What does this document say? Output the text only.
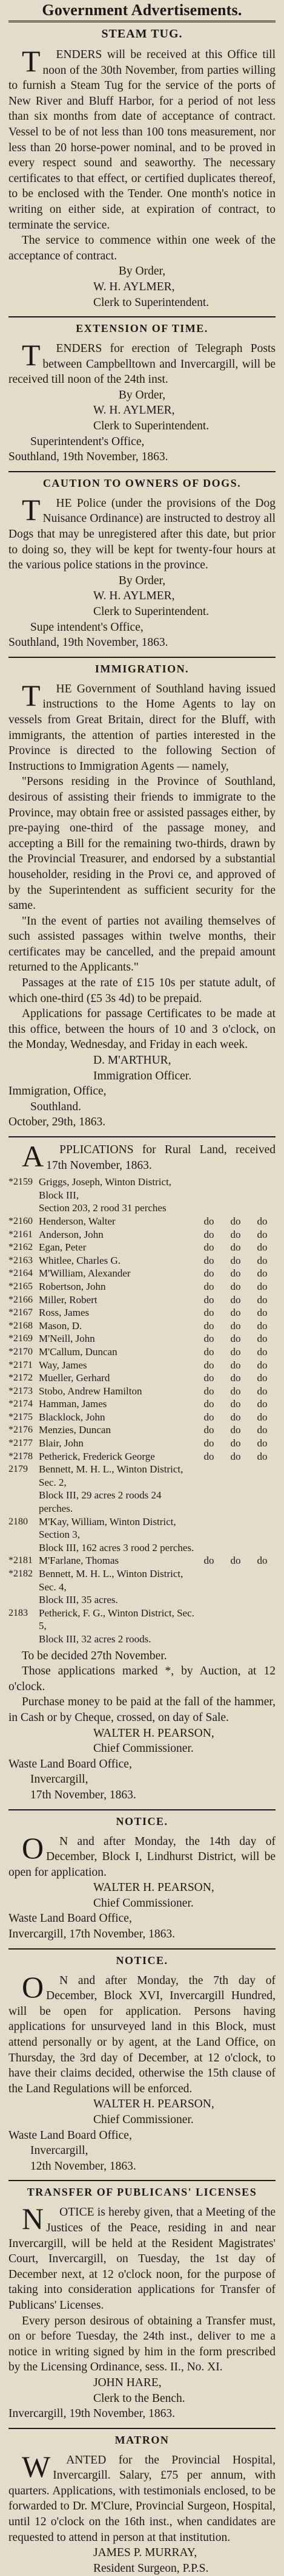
Government Advertisements.
STEAM TUG.

TENDERS will be received at this Office till noon of the 30th November, from parties willing to furnish a Steam Tug for the service of the ports of New River and Bluff Harbor, for a period of not less than six months from date of acceptance of contract. Vessel to be of not less than 100 tons measurement, nor less than 20 horse-power nominal, and to be proved in every respect sound and seaworthy. The necessary certificates to that effect, or certified duplicates thereof, to be enclosed with the Tender. One month's notice in writing on either side, at expiration of contract, to terminate the service.

The service to commence within one week of the acceptance of contract.

By Order,
W. H. AYLMER,
Clerk to Superintendent.
EXTENSION OF TIME.

TENDERS for erection of Telegraph Posts between Campbelltown and Invercargill, will be received till noon of the 24th inst.

By Order,
W. H. AYLMER,
Clerk to Superintendent.
Superintendent's Office,
Southland, 19th November, 1863.
CAUTION TO OWNERS OF DOGS.

THE Police (under the provisions of the Dog Nuisance Ordinance) are instructed to destroy all Dogs that may be unregistered after this date, but prior to doing so, they will be kept for twenty-four hours at the various police stations in the province.

By Order,
W. H. AYLMER,
Clerk to Superintendent.
Supe intendent's Office,
Southland, 19th November, 1863.
IMMIGRATION.

THE Government of Southland having issued instructions to the Home Agents to lay on vessels from Great Britain, direct for the Bluff, with immigrants, the attention of parties interested in the Province is directed to the following Section of Instructions to Immigration Agents — namely,

"Persons residing in the Province of Southland, desirous of assisting their friends to immigrate to the Province, may obtain free or assisted passages either, by pre-paying one-third of the passage money, and accepting a Bill for the remaining two-thirds, drawn by the Provincial Treasurer, and endorsed by a substantial householder, residing in the Provi ce, and approved of by the Superintendent as sufficient security for the same.

"In the event of parties not availing themselves of such assisted passages within twelve months, their certificates may be cancelled, and the prepaid amount returned to the Applicants."

Passages at the rate of £15 10s per statute adult, of which one-third (£5 3s 4d) to be prepaid.

Applications for passage Certificates to be made at this office, between the hours of 10 and 3 o'clock, on the Monday, Wednesday, and Friday in each week.

D. M'ARTHUR,
Immigration Officer.
Immigration, Office,
Southland.
October, 29th, 1863.

APPLICATIONS for Rural Land, received 17th November, 1863.

*2159	Griggs, Joseph, Winton District, Block III,			
	Section 203, 2 rood 31 perches			
*2160	Henderson, Walter	do	do	do
*2161	Anderson, John	do	do	do
*2162	Egan, Peter	do	do	do
*2163	Whitlee, Charles G.	do	do	do
*2164	M'William, Alexander	do	do	do
*2165	Robertson, John	do	do	do
*2166	Miller, Robert	do	do	do
*2167	Ross, James	do	do	do
*2168	Mason, D.	do	do	do
*2169	M'Neill, John	do	do	do
*2170	M'Callum, Duncan	do	do	do
*2171	Way, James	do	do	do
*2172	Mueller, Gerhard	do	do	do
*2173	Stobo, Andrew Hamilton	do	do	do
*2174	Hamman, James	do	do	do
*2175	Blacklock, John	do	do	do
*2176	Menzies, Duncan	do	do	do
*2177	Blair, John	do	do	do
*2178	Petherick, Frederick George	do	do	do
2179	Bennett, M. H. L., Winton District, Sec. 2,			
	Block III, 29 acres 2 roods 24 perches.			
2180	M'Kay, William, Winton District, Section 3,			
	Block III, 162 acres 3 rood 2 perches.			
*2181	M'Farlane, Thomas	do	do	do
*2182	Bennett, M. H. L., Winton District, Sec. 4,			
	Block III, 35 acres.			
2183	Petherick, F. G., Winton District, Sec. 5,			
	Block III, 32 acres 2 roods.			

To be decided 27th November.

Those applications marked *, by Auction, at 12 o'clock.

Purchase money to be paid at the fall of the hammer, in Cash or by Cheque, crossed, on day of Sale.

WALTER H. PEARSON,
Chief Commissioner.
Waste Land Board Office,
Invercargill,
17th November, 1863.
NOTICE.

ON and after Monday, the 14th day of December, Block I, Lindhurst District, will be open for application.

WALTER H. PEARSON,
Chief Commissioner.
Waste Land Board Office,
Invercargill, 17th November, 1863.
NOTICE.

ON and after Monday, the 7th day of December, Block XVI, Invercargill Hundred, will be open for application. Persons having applications for unsurveyed land in this Block, must attend personally or by agent, at the Land Office, on Thursday, the 3rd day of December, at 12 o'clock, to have their claims decided, otherwise the 15th clause of the Land Regulations will be enforced.

WALTER H. PEARSON,
Chief Commissioner.
Waste Land Board Office,
Invercargill,
12th November, 1863.
TRANSFER OF PUBLICANS' LICENSES

NOTICE is hereby given, that a Meeting of the Justices of the Peace, residing in and near Invercargill, will be held at the Resident Magistrates' Court, Invercargill, on Tuesday, the 1st day of December next, at 12 o'clock noon, for the purpose of taking into consideration applications for Transfer of Publicans' Licenses.

Every person desirous of obtaining a Transfer must, on or before Tuesday, the 24th inst., deliver to me a notice in writing signed by him in the form prescribed by the Licensing Ordinance, sess. II., No. XI.

JOHN HARE,
Clerk to the Bench.
Invercargill, 19th November, 1863.
MATRON

WANTED for the Provincial Hospital, Invercargill. Salary, £75 per annum, with quarters. Applications, with testimonials enclosed, to be forwarded to Dr. M'Clure, Provincial Surgeon, Hospital, until 12 o'clock on the 16th inst., when candidates are requested to attend in person at that institution.

JAMES P. MURRAY,
Resident Surgeon, P.P.S.
